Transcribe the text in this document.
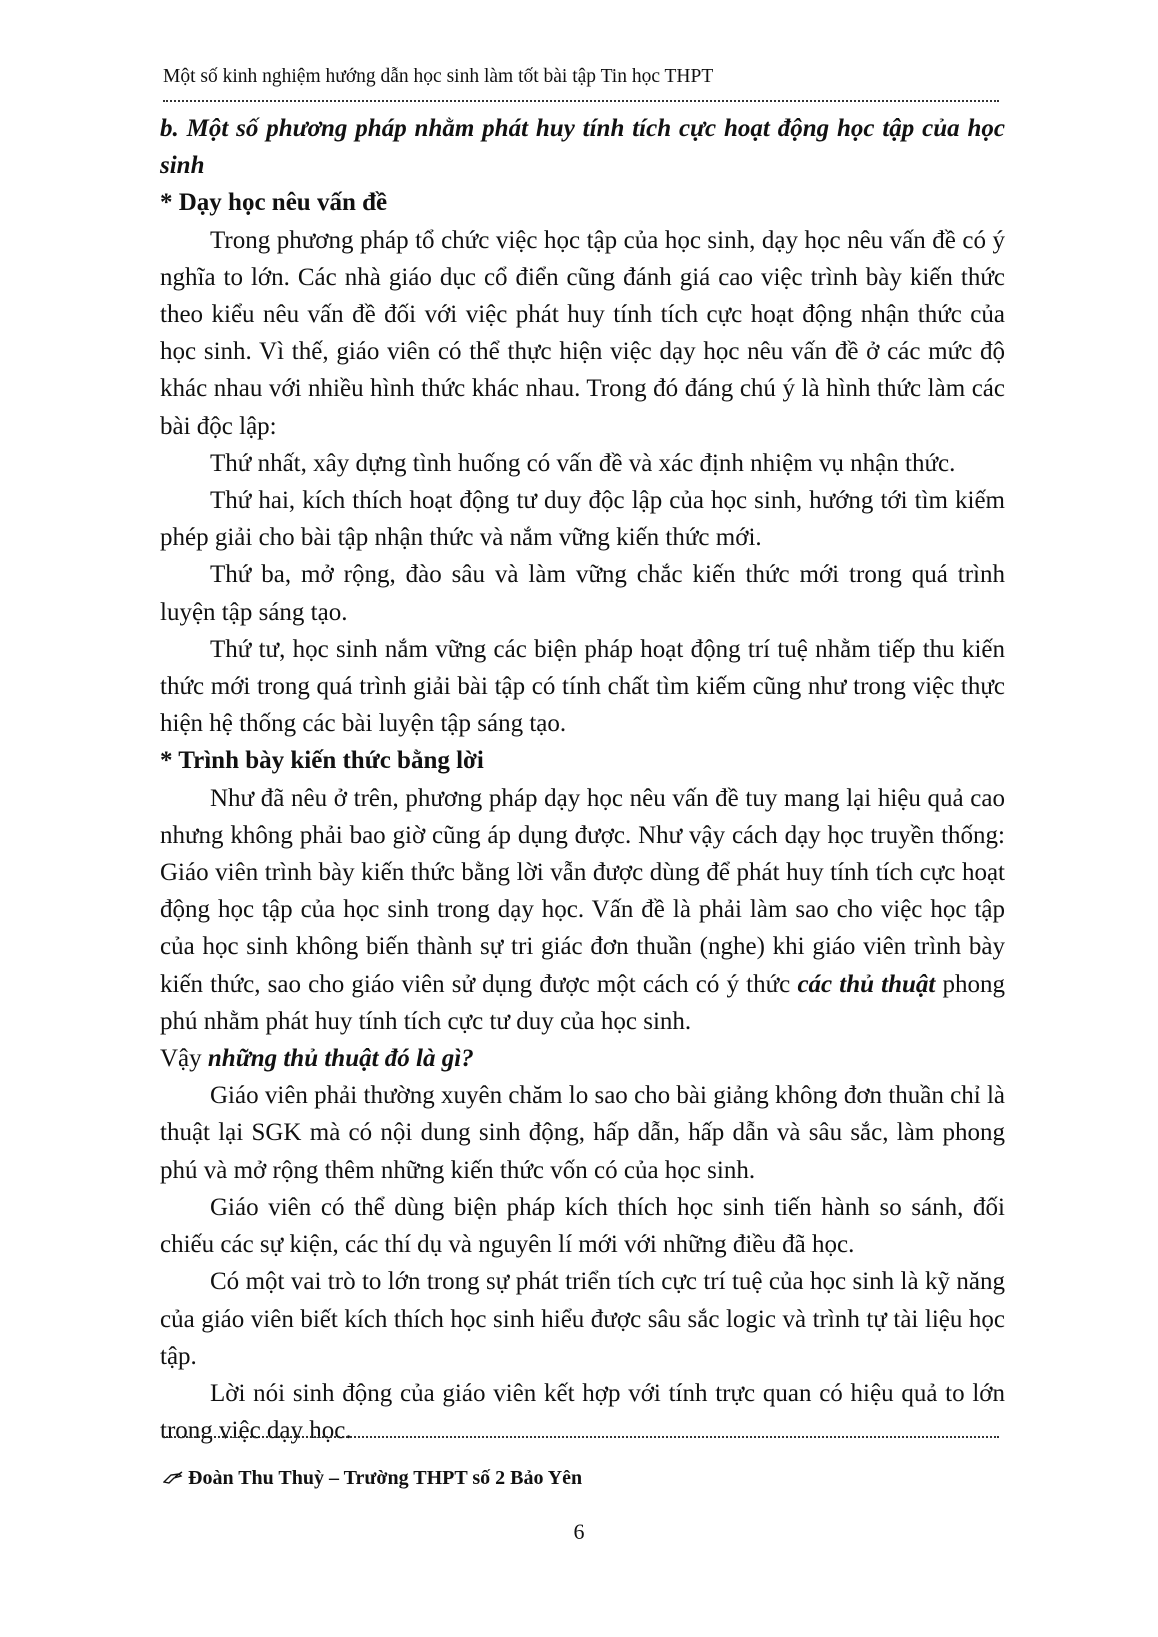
Một số kinh nghiệm hướng dẫn học sinh làm tốt bài tập Tin học THPT

b. Một số phương pháp nhằm phát huy tính tích cực hoạt động học tập của học sinh

* Dạy học nêu vấn đề

Trong phương pháp tổ chức việc học tập của học sinh, dạy học nêu vấn đề có ý nghĩa to lớn. Các nhà giáo dục cổ điển cũng đánh giá cao việc trình bày kiến thức theo kiểu nêu vấn đề đối với việc phát huy tính tích cực hoạt động nhận thức của học sinh. Vì thế, giáo viên có thể thực hiện việc dạy học nêu vấn đề ở các mức độ khác nhau với nhiều hình thức khác nhau. Trong đó đáng chú ý là hình thức làm các bài độc lập:

Thứ nhất, xây dựng tình huống có vấn đề và xác định nhiệm vụ nhận thức.

Thứ hai, kích thích hoạt động tư duy độc lập của học sinh, hướng tới tìm kiếm phép giải cho bài tập nhận thức và nắm vững kiến thức mới.

Thứ ba, mở rộng, đào sâu và làm vững chắc kiến thức mới trong quá trình luyện tập sáng tạo.

Thứ tư, học sinh nắm vững các biện pháp hoạt động trí tuệ nhằm tiếp thu kiến thức mới trong quá trình giải bài tập có tính chất tìm kiếm cũng như trong việc thực hiện hệ thống các bài luyện tập sáng tạo.

* Trình bày kiến thức bằng lời

Như đã nêu ở trên, phương pháp dạy học nêu vấn đề tuy mang lại hiệu quả cao nhưng không phải bao giờ cũng áp dụng được. Như vậy cách dạy học truyền thống: Giáo viên trình bày kiến thức bằng lời vẫn được dùng để phát huy tính tích cực hoạt động học tập của học sinh trong dạy học. Vấn đề là phải làm sao cho việc học tập của học sinh không biến thành sự tri giác đơn thuần (nghe) khi giáo viên trình bày kiến thức, sao cho giáo viên sử dụng được một cách có ý thức các thủ thuật phong phú nhằm phát huy tính tích cực tư duy của học sinh.

Vậy những thủ thuật đó là gì?

Giáo viên phải thường xuyên chăm lo sao cho bài giảng không đơn thuần chỉ là thuật lại SGK mà có nội dung sinh động, hấp dẫn, hấp dẫn và sâu sắc, làm phong phú và mở rộng thêm những kiến thức vốn có của học sinh.

Giáo viên có thể dùng biện pháp kích thích học sinh tiến hành so sánh, đối chiếu các sự kiện, các thí dụ và nguyên lí mới với những điều đã học.

Có một vai trò to lớn trong sự phát triển tích cực trí tuệ của học sinh là kỹ năng của giáo viên biết kích thích học sinh hiểu được sâu sắc logic và trình tự tài liệu học tập.

Lời nói sinh động của giáo viên kết hợp với tính trực quan có hiệu quả to lớn trong việc dạy học.

Đoàn Thu Thuỳ – Trường THPT số 2 Bảo Yên
6
